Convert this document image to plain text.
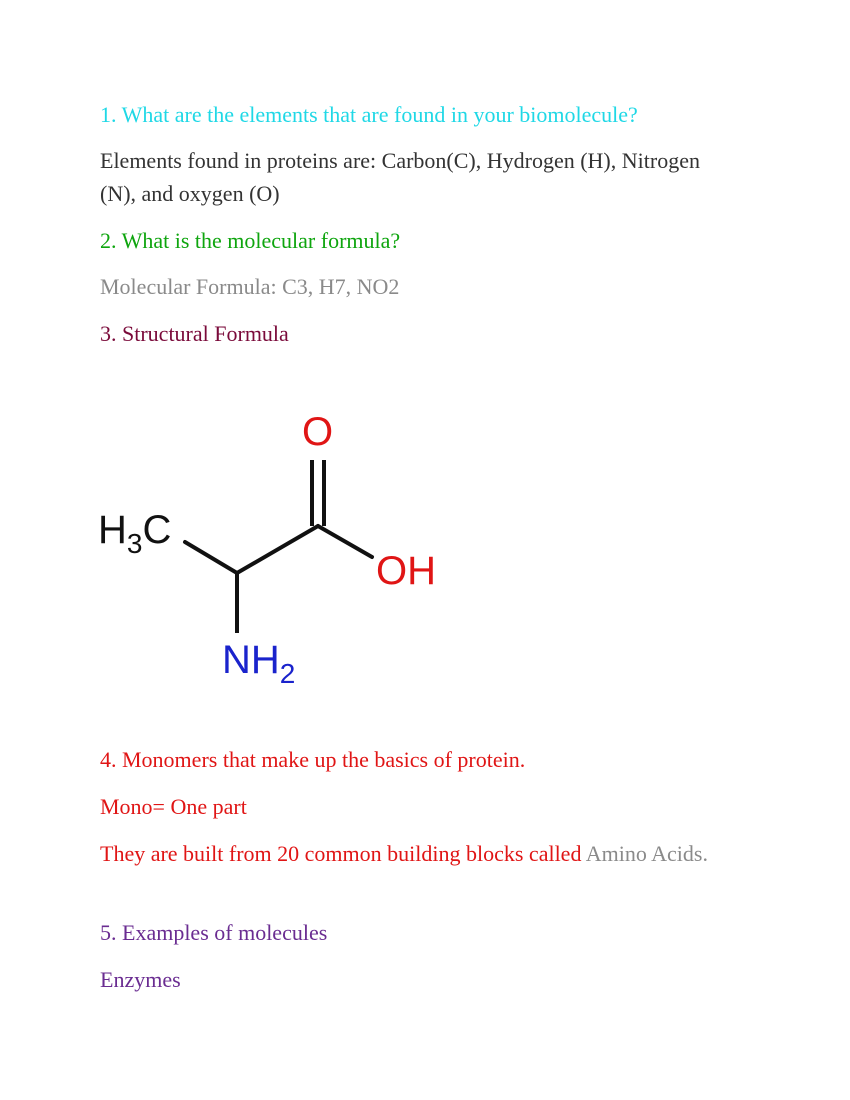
1. What are the elements that are found in your biomolecule?

Elements found in proteins are: Carbon(C), Hydrogen (H), Nitrogen (N), and oxygen (O)

2. What is the molecular formula?

Molecular Formula: C3, H7, NO2

3. Structural Formula

4. Monomers that make up the basics of protein.

Mono= One part

They are built from 20 common building blocks called Amino Acids.

5. Examples of molecules

Enzymes

$H_3C$
O
OH
$NH_2$
